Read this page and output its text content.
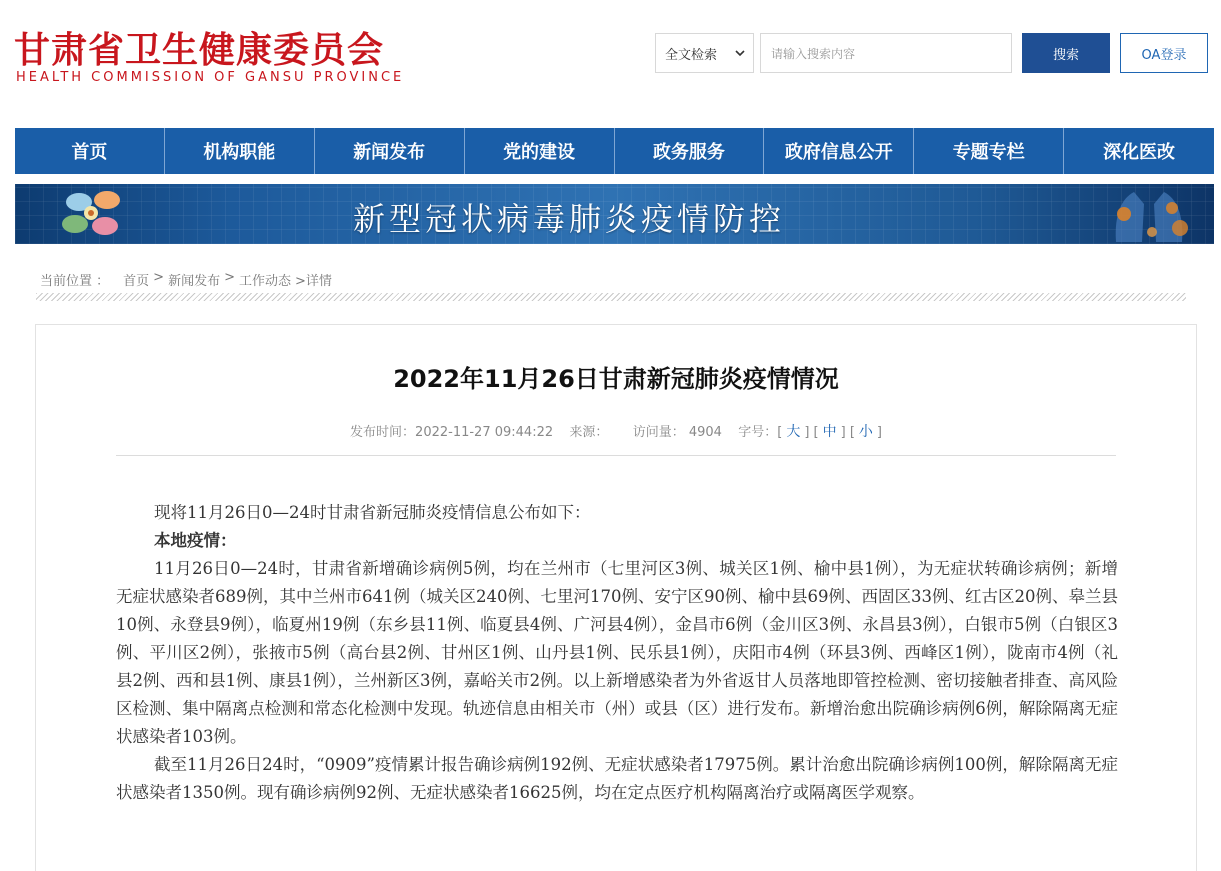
甘肃省卫生健康委员会
HEALTH COMMISSION OF GANSU PROVINCE
全文检索	请输入搜索内容	搜索	OA登录
首页	机构职能	新闻发布	党的建设	政务服务	政府信息公开	专题专栏	深化医改
新型冠状病毒肺炎疫情防控
当前位置 ： 首页 > 新闻发布 > 工作动态 >详情
2022年11月26日甘肃新冠肺炎疫情情况
发布时间：2022-11-27 09:44:22 来源： 访问量： 4904 字号：[ 大 ] [ 中 ] [ 小 ]

现将11月26日0—24时甘肃省新冠肺炎疫情信息公布如下：

本地疫情：

11月26日0—24时，甘肃省新增确诊病例5例，均在兰州市（七里河区3例、城关区1例、榆中县1例），为无症状转确诊病例；新增无症状感染者689例，其中兰州市641例（城关区240例、七里河170例、安宁区90例、榆中县69例、西固区33例、红古区20例、皋兰县10例、永登县9例），临夏州19例（东乡县11例、临夏县4例、广河县4例），金昌市6例（金川区3例、永昌县3例），白银市5例（白银区3例、平川区2例），张掖市5例（高台县2例、甘州区1例、山丹县1例、民乐县1例），庆阳市4例（环县3例、西峰区1例），陇南市4例（礼县2例、西和县1例、康县1例），兰州新区3例，嘉峪关市2例。以上新增感染者为外省返甘人员落地即管控检测、密切接触者排查、高风险区检测、集中隔离点检测和常态化检测中发现。轨迹信息由相关市（州）或县（区）进行发布。新增治愈出院确诊病例6例，解除隔离无症状感染者103例。

截至11月26日24时，“0909”疫情累计报告确诊病例192例、无症状感染者17975例。累计治愈出院确诊病例100例，解除隔离无症状感染者1350例。现有确诊病例92例、无症状感染者16625例，均在定点医疗机构隔离治疗或隔离医学观察。
